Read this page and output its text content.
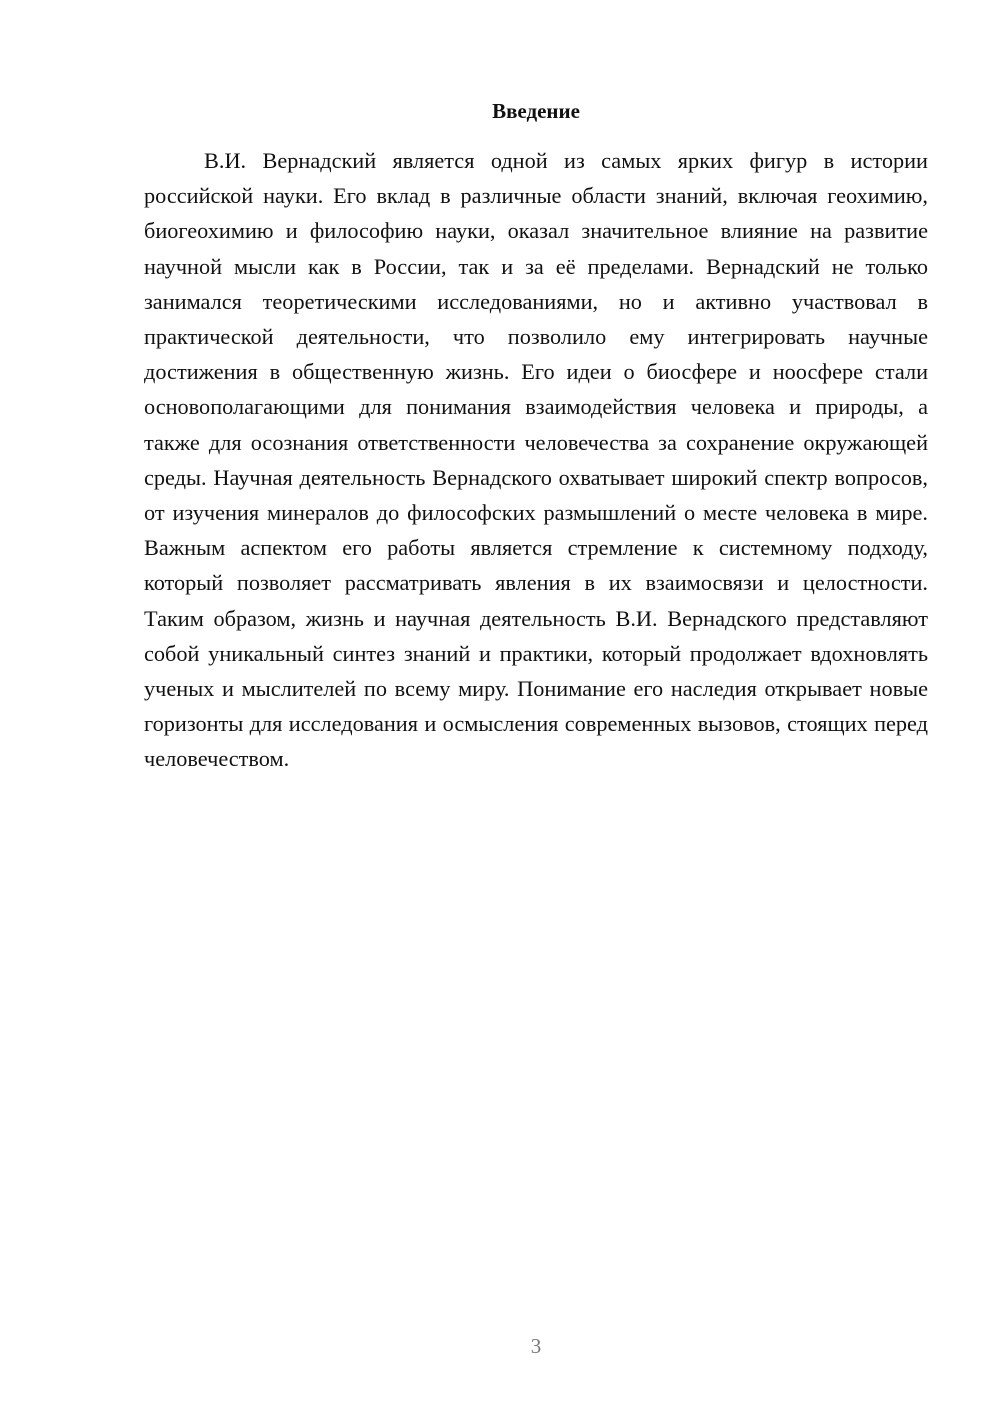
Введение

В.И. Вернадский является одной из самых ярких фигур в истории российской науки. Его вклад в различные области знаний, включая геохимию, биогеохимию и философию науки, оказал значительное влияние на развитие научной мысли как в России, так и за её пределами. Вернадский не только занимался теоретическими исследованиями, но и активно участвовал в практической деятельности, что позволило ему интегрировать научные достижения в общественную жизнь. Его идеи о биосфере и ноосфере стали основополагающими для понимания взаимодействия человека и природы, а также для осознания ответственности человечества за сохранение окружающей среды. Научная деятельность Вернадского охватывает широкий спектр вопросов, от изучения минералов до философских размышлений о месте человека в мире. Важным аспектом его работы является стремление к системному подходу, который позволяет рассматривать явления в их взаимосвязи и целостности. Таким образом, жизнь и научная деятельность В.И. Вернадского представляют собой уникальный синтез знаний и практики, который продолжает вдохновлять ученых и мыслителей по всему миру. Понимание его наследия открывает новые горизонты для исследования и осмысления современных вызовов, стоящих перед человечеством.

3
